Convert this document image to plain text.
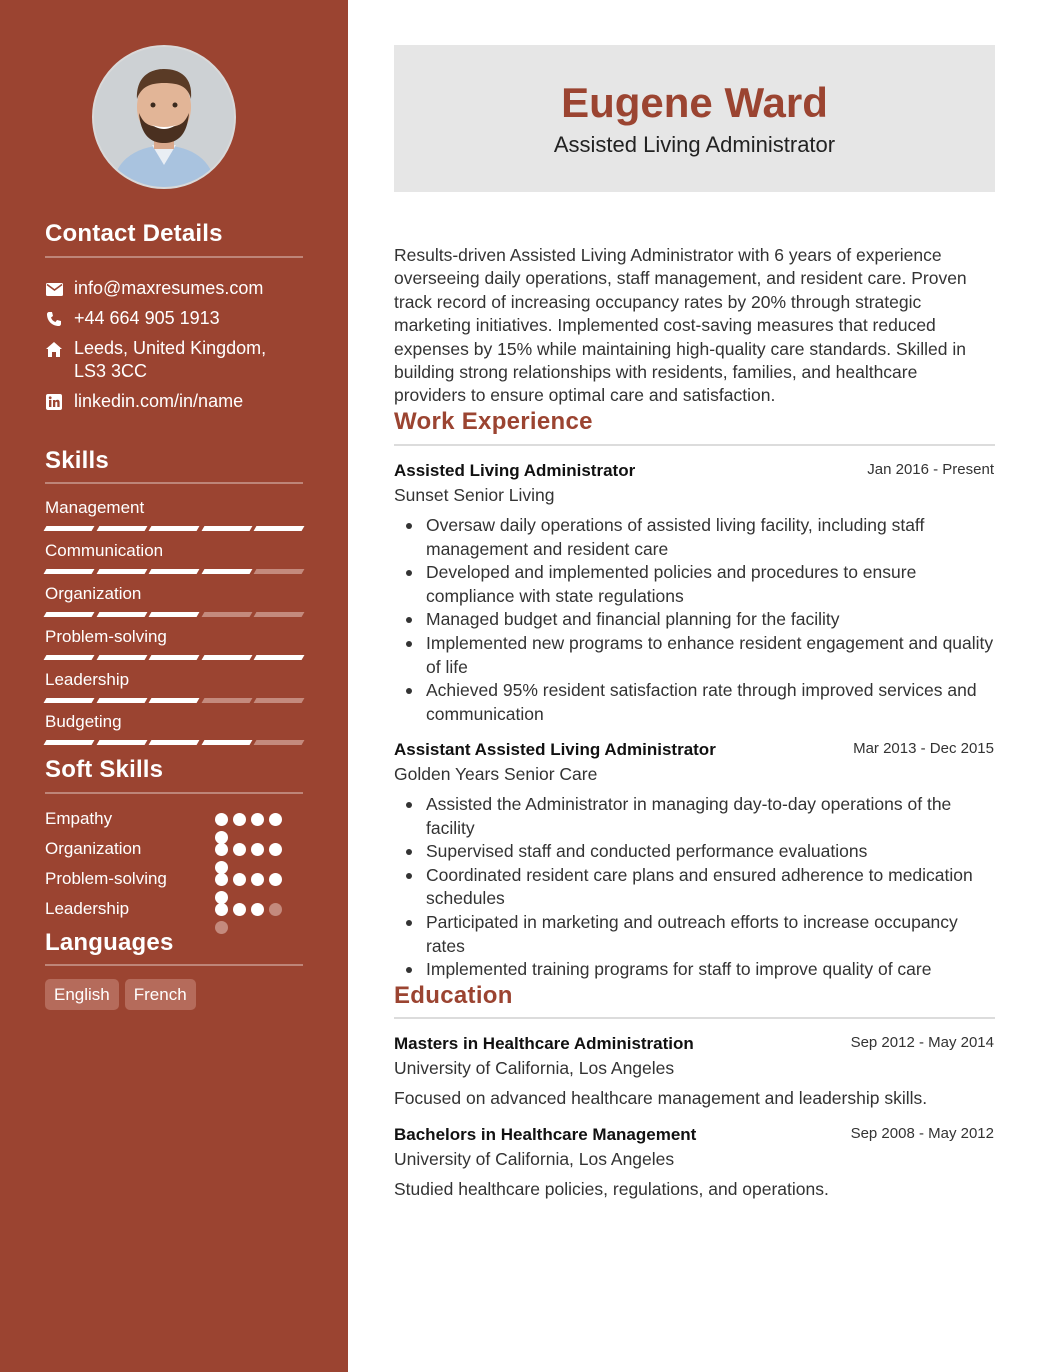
Contact Details
info@maxresumes.com
+44 664 905 1913
Leeds, United Kingdom, LS3 3CC
linkedin.com/in/name
Skills
Management
Communication
Organization
Problem-solving
Leadership
Budgeting
Soft Skills
Empathy
Organization
Problem-solving
Leadership
Languages
English	French
Eugene Ward
Assisted Living Administrator

Results-driven Assisted Living Administrator with 6 years of experience overseeing daily operations, staff management, and resident care. Proven track record of increasing occupancy rates by 20% through strategic marketing initiatives. Implemented cost-saving measures that reduced expenses by 15% while maintaining high-quality care standards. Skilled in building strong relationships with residents, families, and healthcare providers to ensure optimal care and satisfaction.

Work Experience
Assisted Living Administrator	Jan 2016 - Present
Sunset Senior Living
Oversaw daily operations of assisted living facility, including staff management and resident care
Developed and implemented policies and procedures to ensure compliance with state regulations
Managed budget and financial planning for the facility
Implemented new programs to enhance resident engagement and quality of life
Achieved 95% resident satisfaction rate through improved services and communication
Assistant Assisted Living Administrator	Mar 2013 - Dec 2015
Golden Years Senior Care
Assisted the Administrator in managing day-to-day operations of the facility
Supervised staff and conducted performance evaluations
Coordinated resident care plans and ensured adherence to medication schedules
Participated in marketing and outreach efforts to increase occupancy rates
Implemented training programs for staff to improve quality of care
Education
Masters in Healthcare Administration	Sep 2012 - May 2014
University of California, Los Angeles
Focused on advanced healthcare management and leadership skills.
Bachelors in Healthcare Management	Sep 2008 - May 2012
University of California, Los Angeles
Studied healthcare policies, regulations, and operations.
